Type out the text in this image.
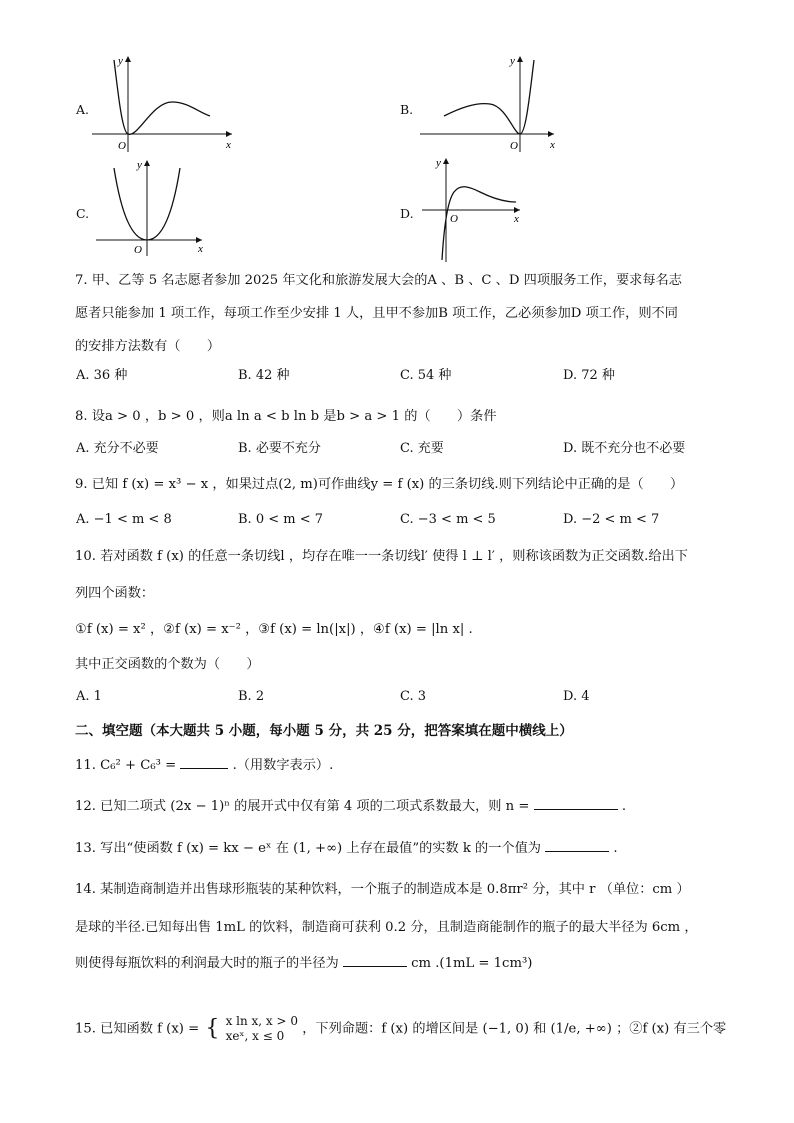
A.
y
x
O
B.
y
x
O
C.
y
x
O
D.
y
x
O
7. 甲、乙等 5 名志愿者参加 2025 年文化和旅游发展大会的A 、B 、C 、D 四项服务工作，要求每名志
愿者只能参加 1 项工作，每项工作至少安排 1 人，且甲不参加B 项工作，乙必须参加D 项工作，则不同
的安排方法数有（　　）
A. 36 种	B. 42 种	C. 54 种	D. 72 种
8. 设a > 0 ，b > 0 ，则a ln a < b ln b 是b > a > 1 的（　　）条件
A. 充分不必要	B. 必要不充分	C. 充要	D. 既不充分也不必要
9. 已知 f (x) = x³ − x ，如果过点(2, m)可作曲线y = f (x) 的三条切线.则下列结论中正确的是（　　）
A. −1 < m < 8	B. 0 < m < 7	C. −3 < m < 5	D. −2 < m < 7
10. 若对函数 f (x) 的任意一条切线l ，均存在唯一一条切线l′ 使得 l ⊥ l′ ，则称该函数为正交函数.给出下
列四个函数：
①f (x) = x² ，②f (x) = x⁻² ，③f (x) = ln(|x|) ，④f (x) = |ln x| .
其中正交函数的个数为（　　）
A. 1	B. 2	C. 3	D. 4
二、填空题（本大题共 5 小题，每小题 5 分，共 25 分，把答案填在题中横线上）
11. C₆² + C₆³ =	.（用数字表示）.
12. 已知二项式 (2x − 1)ⁿ 的展开式中仅有第 4 项的二项式系数最大，则 n =	.
13. 写出“使函数 f (x) = kx − eˣ 在 (1, +∞) 上存在最值”的实数 k 的一个值为	.
14. 某制造商制造并出售球形瓶装的某种饮料，一个瓶子的制造成本是 0.8πr² 分，其中 r （单位：cm ）
是球的半径.已知每出售 1mL 的饮料，制造商可获利 0.2 分，且制造商能制作的瓶子的最大半径为 6cm ，
则使得每瓶饮料的利润最大时的瓶子的半径为	cm .(1mL = 1cm³)
15. 已知函数 f (x) = { x ln x, x > 0
xeˣ, x ≤ 0	，下列命题：f (x) 的增区间是 (−1, 0) 和 (1/e, +∞) ；②f (x) 有三个零
